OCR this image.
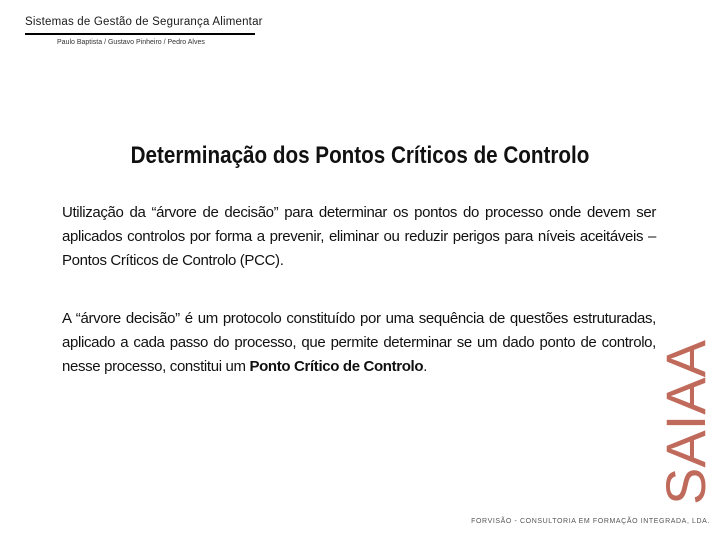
Sistemas de Gestão de Segurança Alimentar
Paulo Baptista / Gustavo Pinheiro / Pedro Alves
Determinação dos Pontos Críticos de Controlo
Utilização da “árvore de decisão” para determinar os pontos do processo onde devem ser aplicados controlos por forma a prevenir, eliminar ou reduzir perigos para níveis aceitáveis – Pontos Críticos de Controlo (PCC).
A “árvore decisão” é um protocolo constituído por uma sequência de questões estruturadas, aplicado a cada passo do processo, que permite determinar se um dado ponto de controlo, nesse processo, constitui um Ponto Crítico de Controlo.	SAIAA
FORVISÃO - CONSULTORIA EM FORMAÇÃO INTEGRADA, LDA.
